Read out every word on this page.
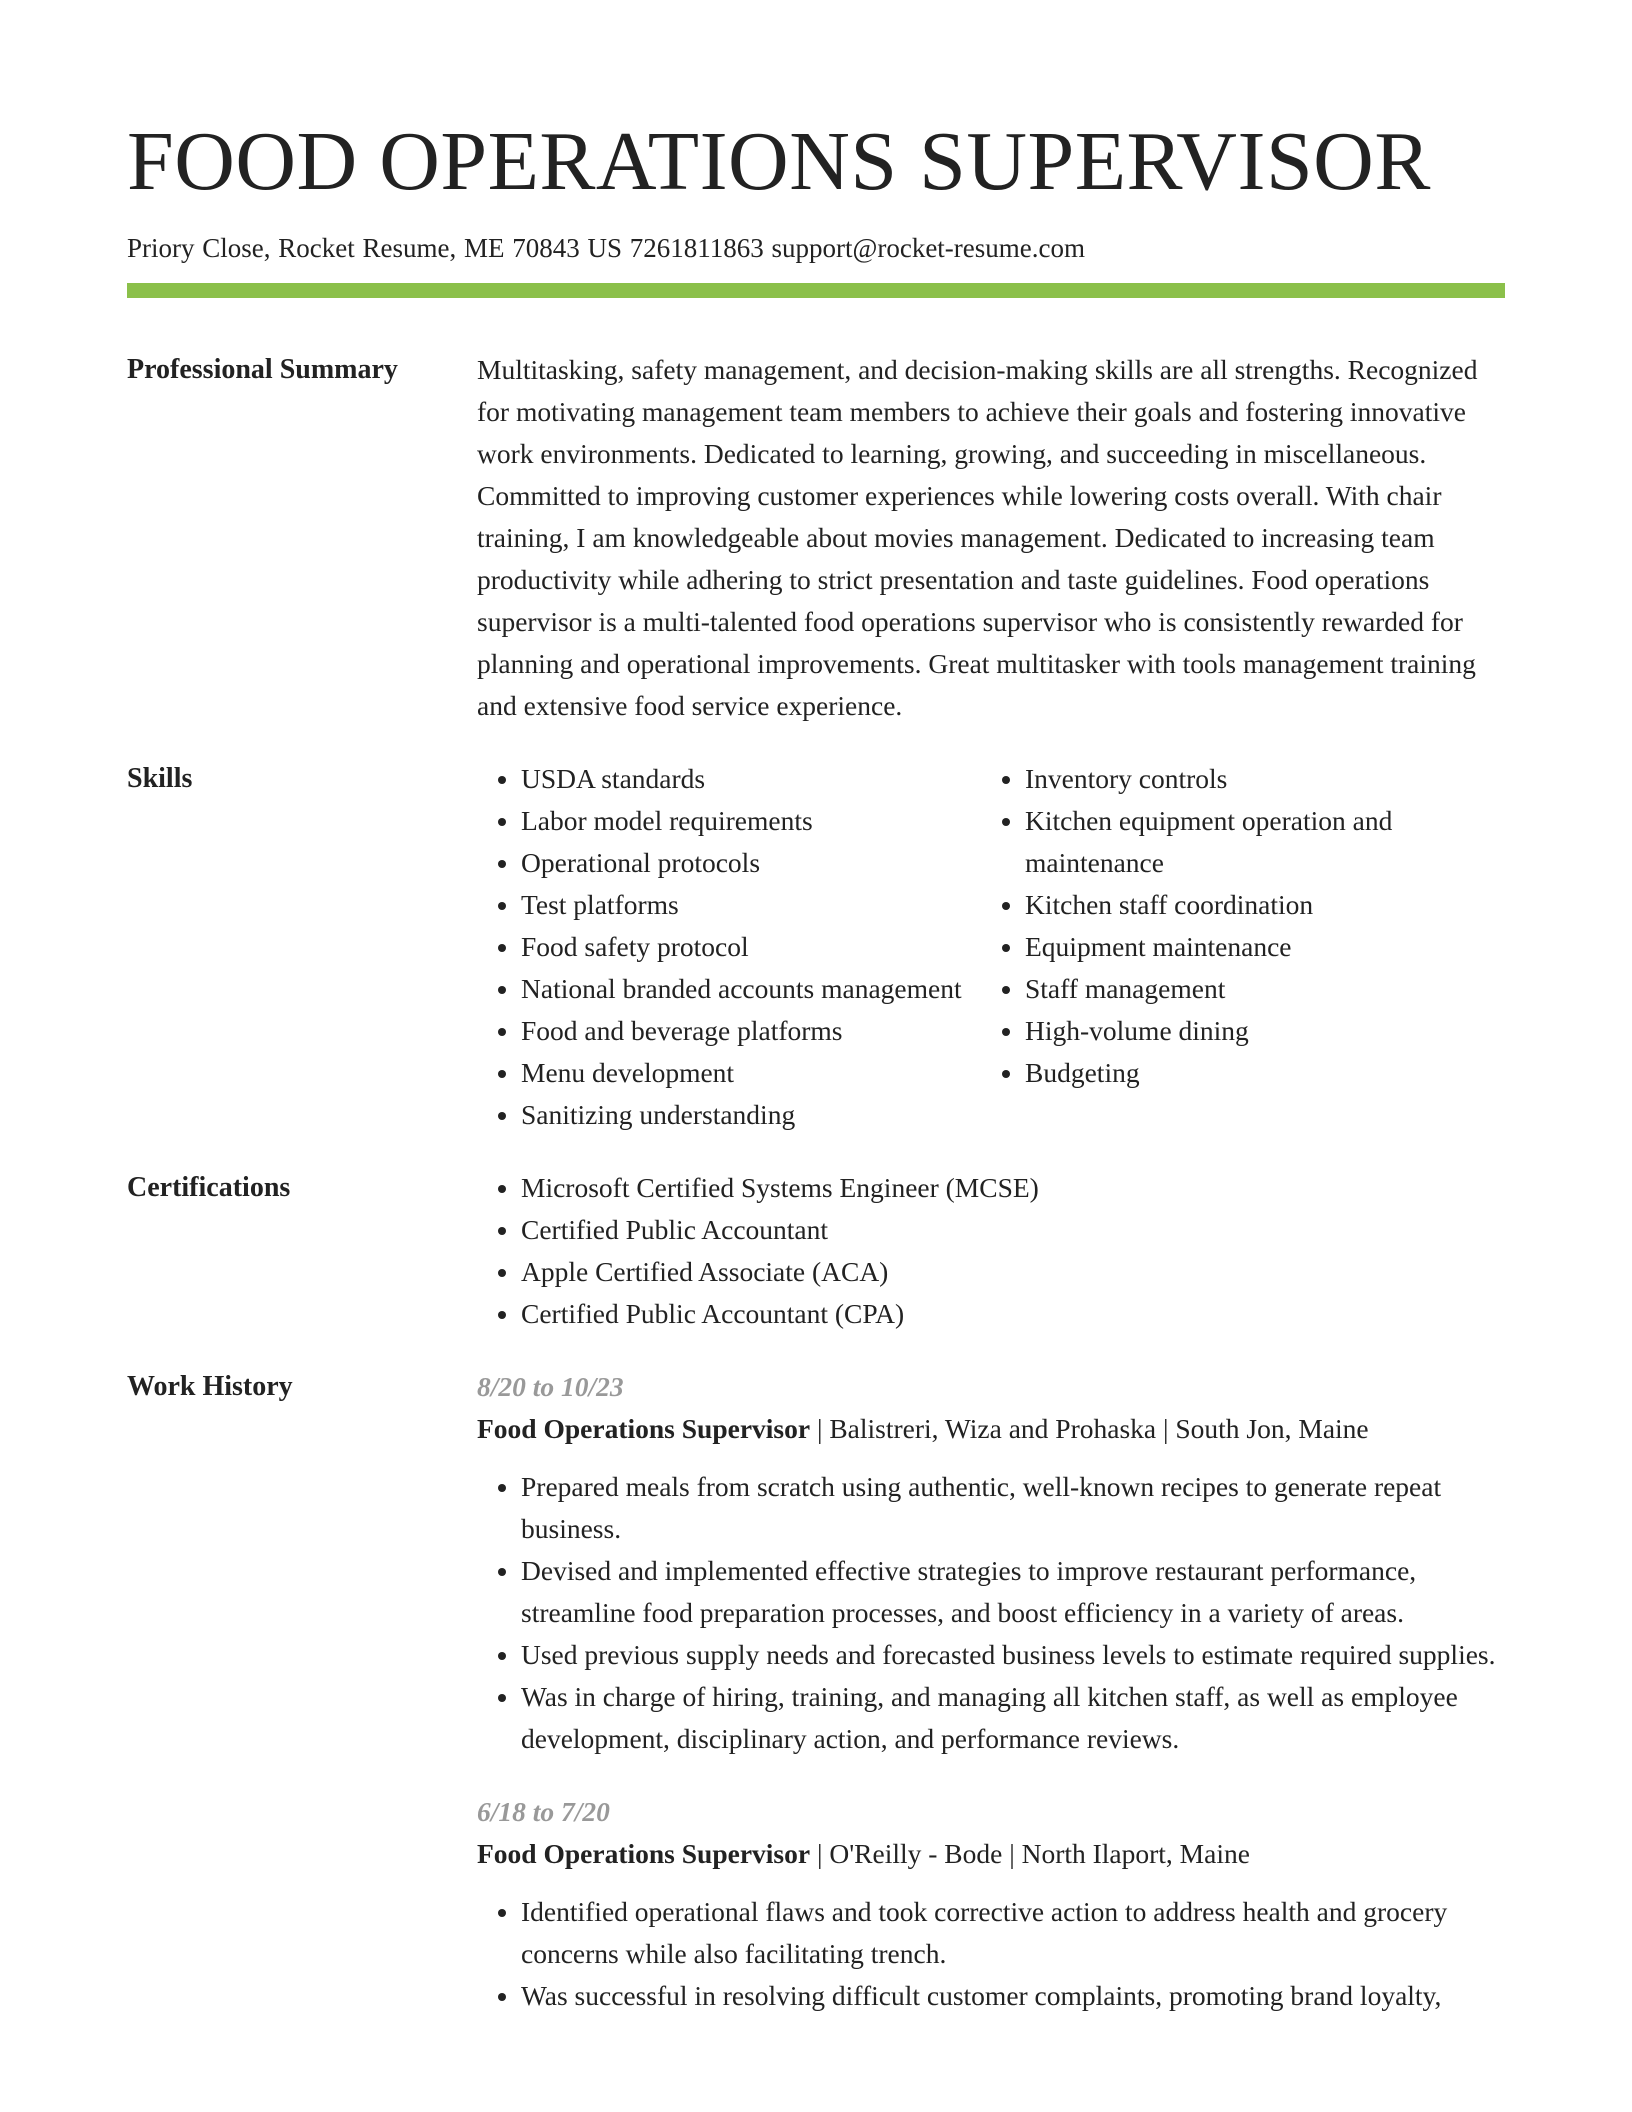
FOOD OPERATIONS SUPERVISOR
Priory Close, Rocket Resume, ME 70843 US 7261811863 support@rocket-resume.com
Professional Summary	Multitasking, safety management, and decision-making skills are all strengths. Recognized for motivating management team members to achieve their goals and fostering innovative work environments. Dedicated to learning, growing, and succeeding in miscellaneous. Committed to improving customer experiences while lowering costs overall. With chair training, I am knowledgeable about movies management. Dedicated to increasing team productivity while adhering to strict presentation and taste guidelines. Food operations supervisor is a multi-talented food operations supervisor who is consistently rewarded for planning and operational improvements. Great multitasker with tools management training and extensive food service experience.

Skills	• USDA standards
• Labor model requirements
• Operational protocols
• Test platforms
• Food safety protocol
• National branded accounts management
• Food and beverage platforms
• Menu development
• Sanitizing understanding
• Inventory controls
• Kitchen equipment operation and maintenance
• Kitchen staff coordination
• Equipment maintenance
• Staff management
• High-volume dining
• Budgeting
Certifications	• Microsoft Certified Systems Engineer (MCSE)
• Certified Public Accountant
• Apple Certified Associate (ACA)
• Certified Public Accountant (CPA)
Work History	8/20 to 10/23
Food Operations Supervisor | Balistreri, Wiza and Prohaska | South Jon, Maine
• Prepared meals from scratch using authentic, well-known recipes to generate repeat business.
• Devised and implemented effective strategies to improve restaurant performance, streamline food preparation processes, and boost efficiency in a variety of areas.
• Used previous supply needs and forecasted business levels to estimate required supplies.
• Was in charge of hiring, training, and managing all kitchen staff, as well as employee development, disciplinary action, and performance reviews.
6/18 to 7/20
Food Operations Supervisor | O'Reilly - Bode | North Ilaport, Maine
• Identified operational flaws and took corrective action to address health and grocery concerns while also facilitating trench.
• Was successful in resolving difficult customer complaints, promoting brand loyalty,
